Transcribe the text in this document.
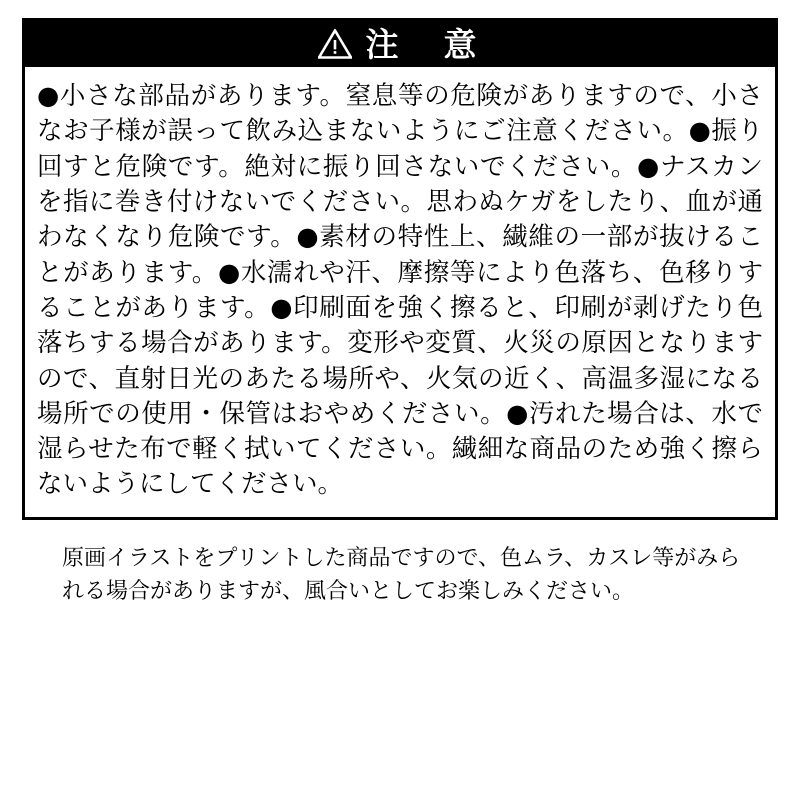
注　意
●小さな部品があります。窒息等の危険がありますので、小さなお子様が誤って飲み込まないようにご注意ください。●振り回すと危険です。絶対に振り回さないでください。●ナスカンを指に巻き付けないでください。思わぬケガをしたり、血が通わなくなり危険です。●素材の特性上、繊維の一部が抜けることがあります。●水濡れや汗、摩擦等により色落ち、色移りすることがあります。●印刷面を強く擦ると、印刷が剥げたり色落ちする場合があります。変形や変質、火災の原因となりますので、直射日光のあたる場所や、火気の近く、高温多湿になる場所での使用・保管はおやめください。●汚れた場合は、水で湿らせた布で軽く拭いてください。繊細な商品のため強く擦らないようにしてください。
原画イラストをプリントした商品ですので、色ムラ、カスレ等がみられる場合がありますが、風合いとしてお楽しみください。
